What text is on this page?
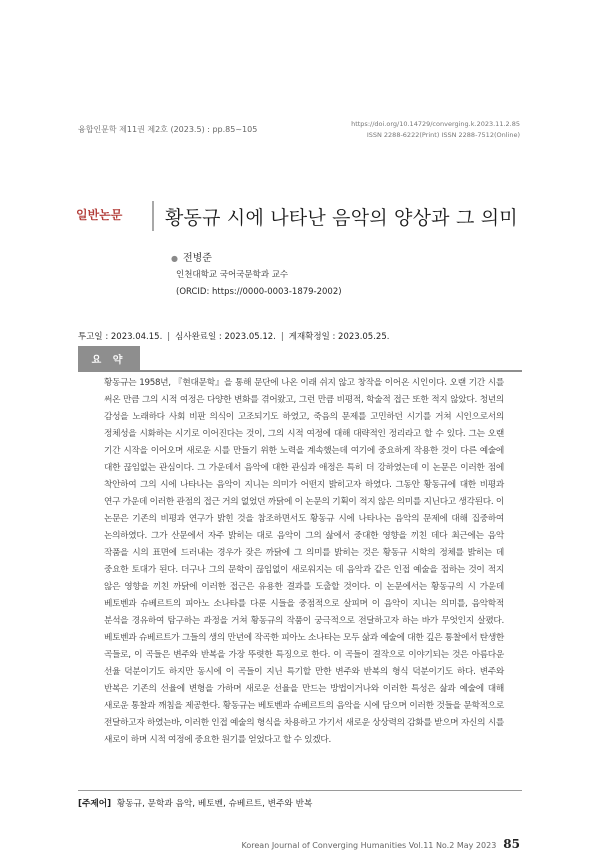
융합인문학 제11권 제2호 (2023.5) : pp.85~105
https://doi.org/10.14729/converging.k.2023.11.2.85
ISSN 2288-6222(Print) ISSN 2288-7512(Online)
일반논문 황동규 시에 나타난 음악의 양상과 그 의미
● 전병준
인천대학교 국어국문학과 교수
(ORCID: https://0000-0003-1879-2002)
투고일 : 2023.04.15. | 심사완료일 : 2023.05.12. | 게재확정일 : 2023.05.25.
요 약
황동규는 1958년, 『현대문학』을 통해 문단에 나온 이래 쉬지 않고 창작을 이어온 시인이다. 오랜 기간 시를 써온 만큼 그의 시적 여정은 다양한 변화를 겪어왔고, 그런 만큼 비평적, 학술적 접근 또한 적지 않았다. 청년의 감성을 노래하다 사회 비판 의식이 고조되기도 하였고, 죽음의 문제를 고민하던 시기를 거쳐 시인으로서의 정체성을 시화하는 시기로 이어진다는 것이, 그의 시적 여정에 대해 대략적인 정리라고 할 수 있다. 그는 오랜 기간 시작을 이어오며 새로운 시를 만들기 위한 노력을 계속했는데 여기에 중요하게 작용한 것이 다른 예술에 대한 끊임없는 관심이다. 그 가운데서 음악에 대한 관심과 애정은 특히 더 강하였는데 이 논문은 이러한 점에 착안하여 그의 시에 나타나는 음악이 지니는 의미가 어떤지 밝히고자 하였다. 그동안 황동규에 대한 비평과 연구 가운데 이러한 관점의 접근 거의 없었던 까닭에 이 논문의 기획이 적지 않은 의미를 지닌다고 생각된다. 이 논문은 기존의 비평과 연구가 밝힌 것을 참조하면서도 황동규 시에 나타나는 음악의 문제에 대해 집중하여 논의하였다. 그가 산문에서 자주 밝히는 대로 음악이 그의 삶에서 중대한 영향을 끼친 데다 최근에는 음악 작품을 시의 표면에 드러내는 경우가 잦은 까닭에 그 의미를 밝히는 것은 황동규 시학의 정체를 밝히는 데 중요한 토대가 된다. 더구나 그의 문학이 끊임없이 새로워지는 데 음악과 같은 인접 예술을 접하는 것이 적지 않은 영향을 끼친 까닭에 이러한 접근은 유용한 결과를 도출할 것이다. 이 논문에서는 황동규의 시 가운데 베토벤과 슈베르트의 피아노 소나타를 다룬 시들을 중점적으로 살피며 이 음악이 지니는 의미를, 음악학적 분석을 경유하여 탐구하는 과정을 거쳐 황동규의 작품이 궁극적으로 전달하고자 하는 바가 무엇인지 살폈다. 베토벤과 슈베르트가 그들의 생의 만년에 작곡한 피아노 소나타는 모두 삶과 예술에 대한 깊은 통찰에서 탄생한 곡들로, 이 곡들은 변주와 반복을 가장 뚜렷한 특징으로 한다. 이 곡들이 결작으로 이야기되는 것은 아름다운 선율 덕분이기도 하지만 동시에 이 곡들이 지닌 특기할 만한 변주와 반복의 형식 덕분이기도 하다. 변주와 반복은 기존의 선율에 변형을 가하며 새로운 선율을 만드는 방법이거나와 이러한 특성은 삶과 예술에 대해 새로운 통찰과 깨침을 제공한다. 황동규는 베토벤과 슈베르트의 음악을 시에 담으며 이러한 것들을 문학적으로 전달하고자 하였는바, 이러한 인접 예술의 형식을 차용하고 가기서 새로운 상상력의 감화를 받으며 자신의 시를 새로이 하며 시적 여정에 중요한 원기를 얻었다고 할 수 있겠다.
[주제어] 황동규, 문학과 음악, 베토벤, 슈베르트, 변주와 반복
Korean Journal of Converging Humanities Vol.11 No.2 May 2023 85
